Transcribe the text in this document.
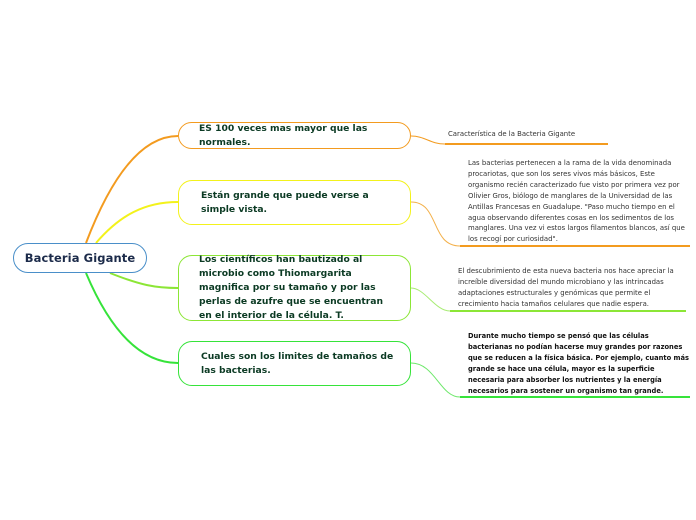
Bacteria Gigante
ES 100 veces mas mayor que las normales.
Están grande que puede verse a simple vista.
Los científicos han bautizado al microbio como Thiomargarita magnifica por su tamaño y por las perlas de azufre que se encuentran en el interior de la célula. T.
Cuales son los limites de tamaños de las bacterias.
Característica de la Bacteria Gigante
Las bacterias pertenecen a la rama de la vida denominada procariotas, que son los seres vivos más básicos, Este organismo recién caracterizado fue visto por primera vez por Olivier Gros, biólogo de manglares de la Universidad de las Antillas Francesas en Guadalupe. "Paso mucho tiempo en el agua observando diferentes cosas en los sedimentos de los manglares. Una vez vi estos largos filamentos blancos, así que los recogí por curiosidad".
El descubrimiento de esta nueva bacteria nos hace apreciar la increíble diversidad del mundo microbiano y las intrincadas adaptaciones estructurales y genómicas que permite el crecimiento hacia tamaños celulares que nadie espera.
Durante mucho tiempo se pensó que las células bacterianas no podían hacerse muy grandes por razones que se reducen a la física básica. Por ejemplo, cuanto más grande se hace una célula, mayor es la superficie necesaria para absorber los nutrientes y la energía necesarios para sostener un organismo tan grande.
